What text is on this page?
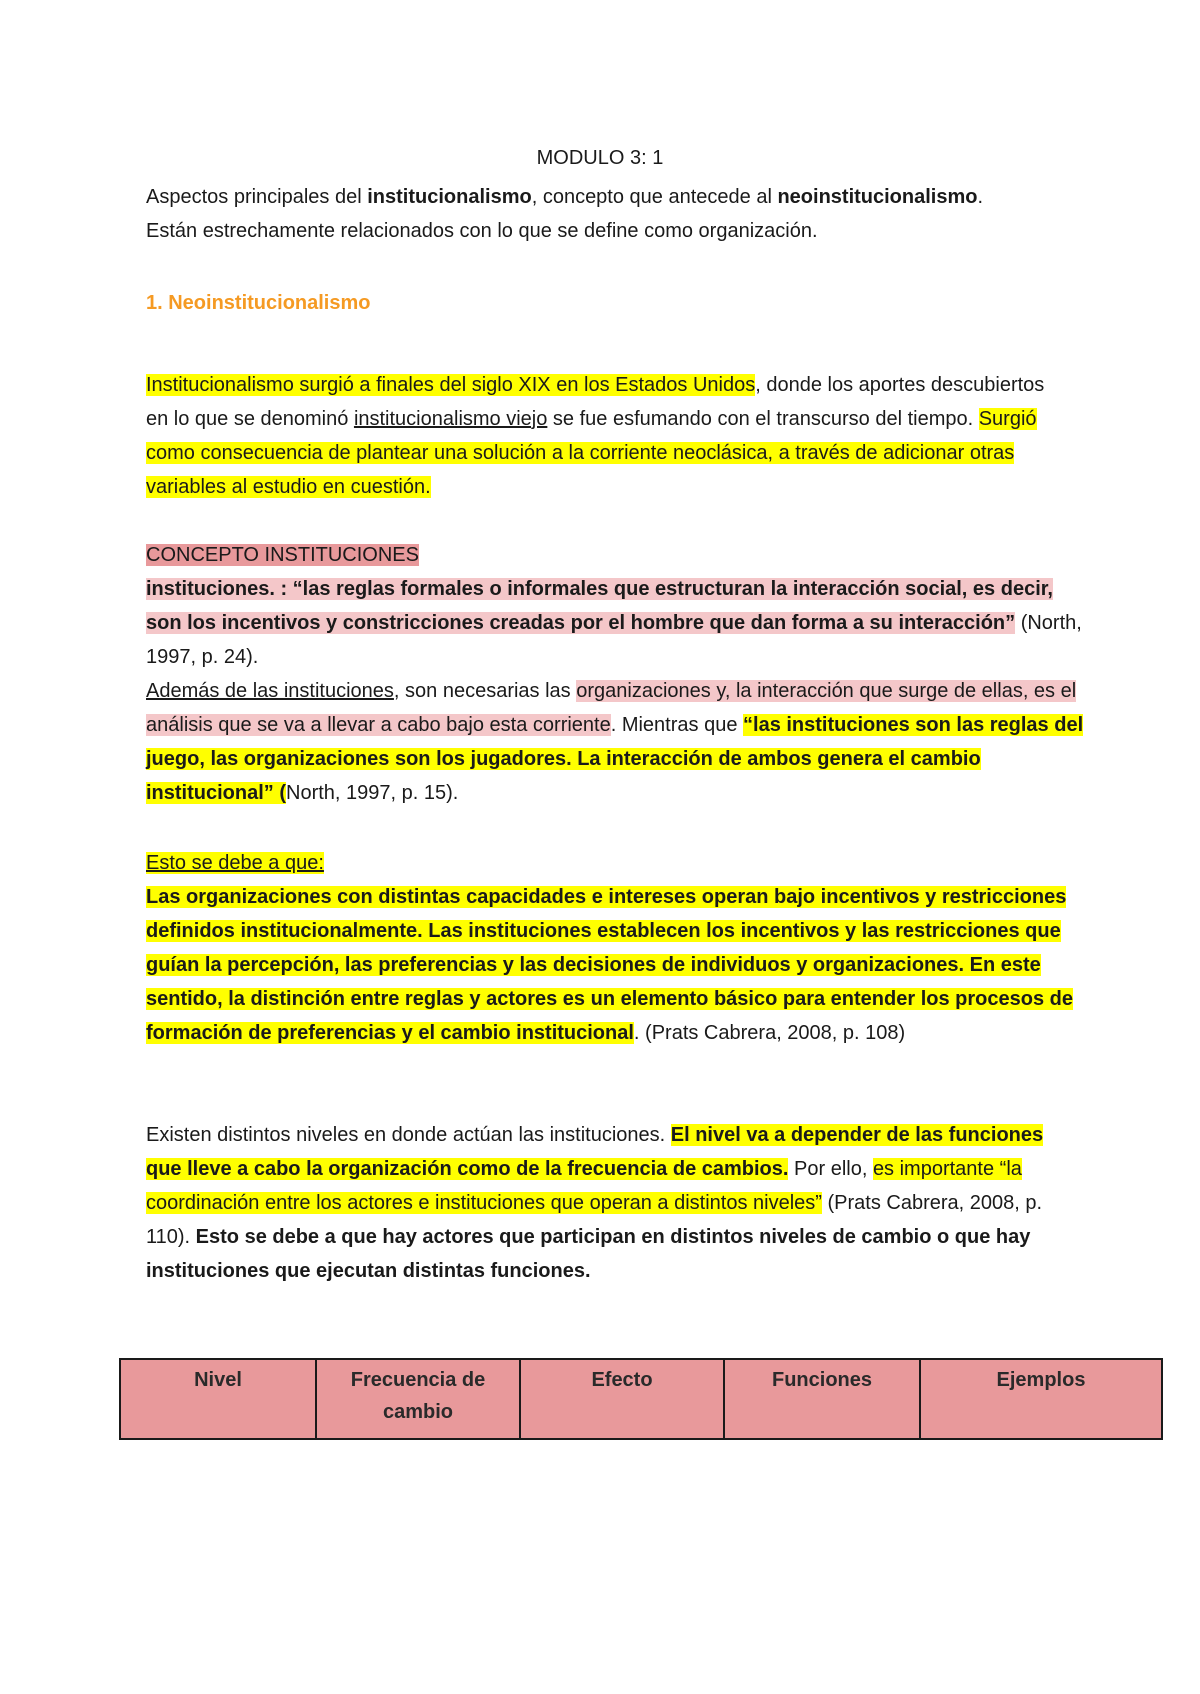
MODULO 3: 1
Aspectos principales del institucionalismo, concepto que antecede al neoinstitucionalismo.
Están estrechamente relacionados con lo que se define como organización.
1. Neoinstitucionalismo
Institucionalismo surgió a finales del siglo XIX en los Estados Unidos, donde los aportes descubiertos en lo que se denominó institucionalismo viejo se fue esfumando con el transcurso del tiempo. Surgió como consecuencia de plantear una solución a la corriente neoclásica, a través de adicionar otras variables al estudio en cuestión.
CONCEPTO INSTITUCIONES
instituciones. : “las reglas formales o informales que estructuran la interacción social, es decir, son los incentivos y constricciones creadas por el hombre que dan forma a su interacción” (North, 1997, p. 24).
Además de las instituciones, son necesarias las organizaciones y, la interacción que surge de ellas, es el análisis que se va a llevar a cabo bajo esta corriente. Mientras que “las instituciones son las reglas del juego, las organizaciones son los jugadores. La interacción de ambos genera el cambio institucional” (North, 1997, p. 15).
Esto se debe a que:
Las organizaciones con distintas capacidades e intereses operan bajo incentivos y restricciones definidos institucionalmente. Las instituciones establecen los incentivos y las restricciones que guían la percepción, las preferencias y las decisiones de individuos y organizaciones. En este sentido, la distinción entre reglas y actores es un elemento básico para entender los procesos de formación de preferencias y el cambio institucional. (Prats Cabrera, 2008, p. 108)
Existen distintos niveles en donde actúan las instituciones. El nivel va a depender de las funciones que lleve a cabo la organización como de la frecuencia de cambios. Por ello, es importante “la coordinación entre los actores e instituciones que operan a distintos niveles” (Prats Cabrera, 2008, p. 110). Esto se debe a que hay actores que participan en distintos niveles de cambio o que hay instituciones que ejecutan distintas funciones.
Nivel	Frecuencia de cambio	Efecto	Funciones	Ejemplos
